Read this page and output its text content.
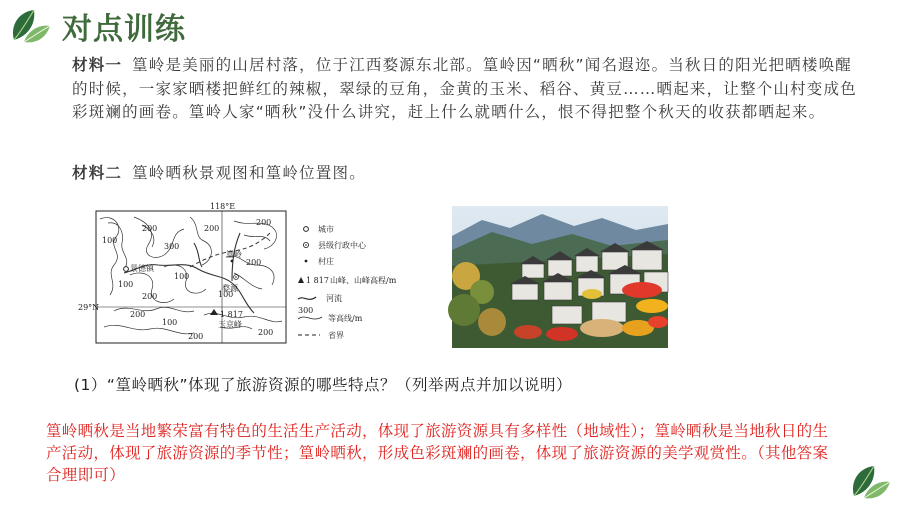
对点训练
材料一 篁岭是美丽的山居村落，位于江西婺源东北部。篁岭因“晒秋”闻名遐迩。当秋日的阳光把晒楼唤醒的时候，一家家晒楼把鲜红的辣椒，翠绿的豆角，金黄的玉米、稻谷、黄豆……晒起来，让整个山村变成色彩斑斓的画卷。篁岭人家“晒秋”没什么讲究，赶上什么就晒什么，恨不得把整个秋天的收获都晒起来。
材料二 篁岭晒秋景观图和篁岭位置图。
118°E
29°N
100
200
300
200
100
200
100
200
200
100
200
100
200	200
景德镇
婺源
篁岭
1 817
玉京峰
城市
县级行政中心
村庄
1 817 山峰、山峰高程/m
河流
300
等高线/m
省界
(1）“篁岭晒秋”体现了旅游资源的哪些特点？（列举两点并加以说明）
篁岭晒秋是当地繁荣富有特色的生活生产活动，体现了旅游资源具有多样性（地域性）；篁岭晒秋是当地秋日的生产活动，体现了旅游资源的季节性；篁岭晒秋，形成色彩斑斓的画卷，体现了旅游资源的美学观赏性。（其他答案合理即可）
